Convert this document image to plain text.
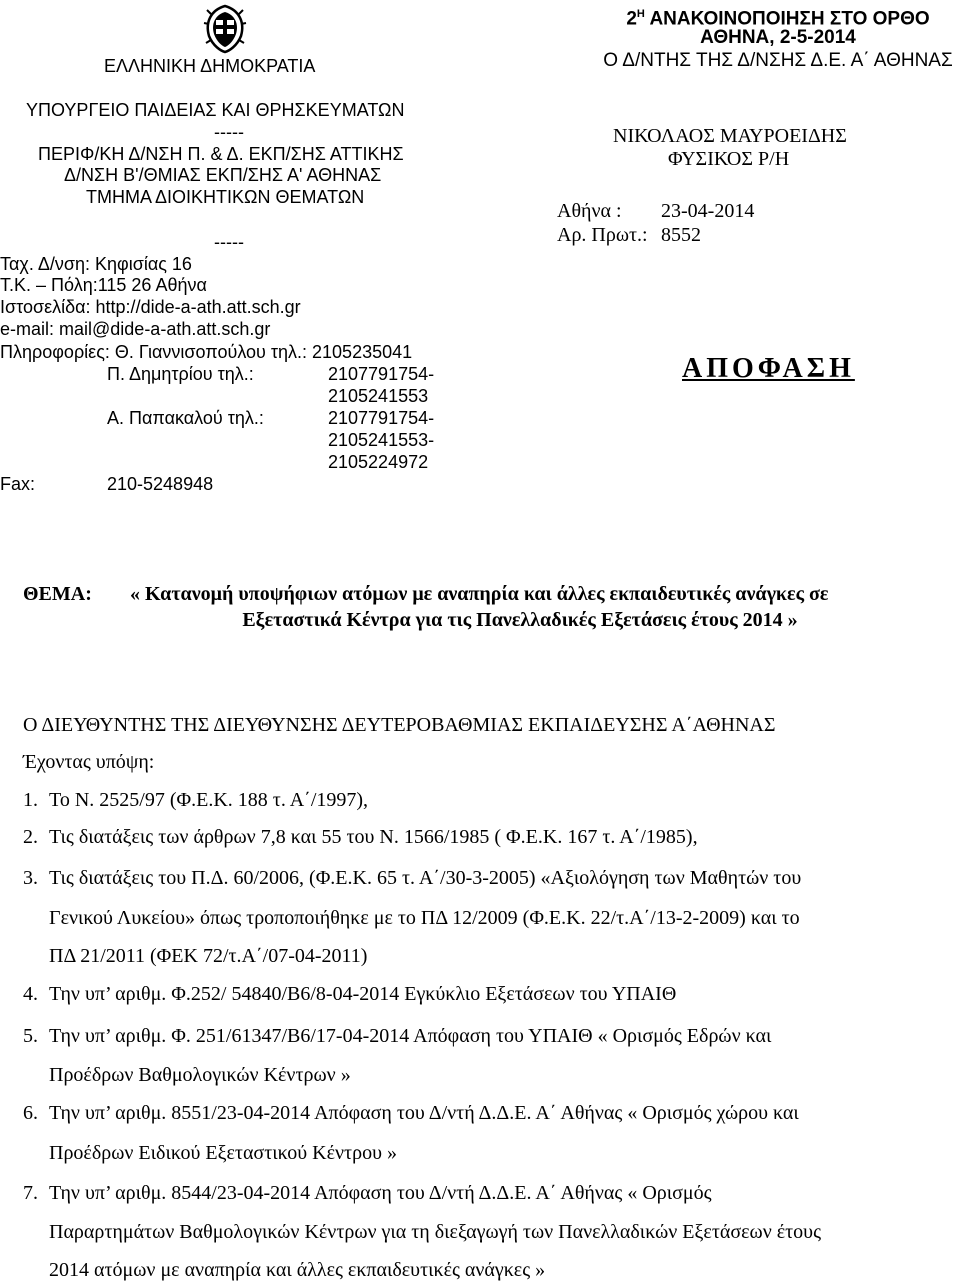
ΕΛΛΗΝΙΚΗ ΔΗΜΟΚΡΑΤΙΑ
ΥΠΟΥΡΓΕΙΟ ΠΑΙΔΕΙΑΣ ΚΑΙ ΘΡΗΣΚΕΥΜΑΤΩΝ
-----
ΠΕΡΙΦ/ΚΗ Δ/ΝΣΗ Π. & Δ. ΕΚΠ/ΣΗΣ ΑΤΤΙΚΗΣ
Δ/ΝΣΗ Β'/ΘΜΙΑΣ ΕΚΠ/ΣΗΣ Α' ΑΘΗΝΑΣ
ΤΜΗΜΑ ΔΙΟΙΚΗΤΙΚΩΝ ΘΕΜΑΤΩΝ
-----
Ταχ. Δ/νση: Κηφισίας 16
Τ.Κ. – Πόλη:115 26 Αθήνα
Ιστοσελίδα: http://dide-a-ath.att.sch.gr
e-mail: mail@dide-a-ath.att.sch.gr
Πληροφορίες: Θ. Γιαννισοπούλου τηλ.: 2105235041
Π. Δημητρίου τηλ.:	2107791754-
2105241553
Α. Παπακαλού τηλ.:	2107791754-
2105241553-
2105224972
Fax:	210-5248948
$2^H$ ΑΝΑΚΟΙΝΟΠΟΙΗΣΗ ΣΤΟ ΟΡΘΟ
ΑΘΗΝΑ, 2-5-2014
Ο Δ/ΝΤΗΣ ΤΗΣ Δ/ΝΣΗΣ Δ.Ε. Α΄ ΑΘΗΝΑΣ
ΝΙΚΟΛΑΟΣ ΜΑΥΡΟΕΙΔΗΣ
ΦΥΣΙΚΟΣ Ρ/Η
Αθήνα : 23-04-2014
Αρ. Πρωτ.: 8552
ΑΠΟΦΑΣΗ
ΘΕΜΑ: « Κατανομή υποψήφιων ατόμων με αναπηρία και άλλες εκπαιδευτικές ανάγκες σε
Εξεταστικά Κέντρα για τις Πανελλαδικές Εξετάσεις έτους 2014 »
Ο ΔΙΕΥΘΥΝΤΗΣ ΤΗΣ ΔΙΕΥΘΥΝΣΗΣ ΔΕΥΤΕΡΟΒΑΘΜΙΑΣ ΕΚΠΑΙΔΕΥΣΗΣ Α΄ΑΘΗΝΑΣ
Έχοντας υπόψη:
1. Το Ν. 2525/97 (Φ.Ε.Κ. 188 τ. Α΄/1997),
2. Τις διατάξεις των άρθρων 7,8 και 55 του Ν. 1566/1985 ( Φ.Ε.Κ. 167 τ. Α΄/1985),
3. Τις διατάξεις του Π.Δ. 60/2006, (Φ.Ε.Κ. 65 τ. Α΄/30-3-2005) «Αξιολόγηση των Μαθητών του
Γενικού Λυκείου» όπως τροποποιήθηκε με το ΠΔ 12/2009 (Φ.Ε.Κ. 22/τ.Α΄/13-2-2009) και το
ΠΔ 21/2011 (ΦΕΚ 72/τ.Α΄/07-04-2011)
4. Την υπ’ αριθμ. Φ.252/ 54840/Β6/8-04-2014 Εγκύκλιο Εξετάσεων του ΥΠΑΙΘ
5. Την υπ’ αριθμ. Φ. 251/61347/Β6/17-04-2014 Απόφαση του ΥΠΑΙΘ « Ορισμός Εδρών και
Προέδρων Βαθμολογικών Κέντρων »
6. Την υπ’ αριθμ. 8551/23-04-2014 Απόφαση του Δ/ντή Δ.Δ.Ε. Α΄ Αθήνας « Ορισμός χώρου και
Προέδρων Ειδικού Εξεταστικού Κέντρου »
7. Την υπ’ αριθμ. 8544/23-04-2014 Απόφαση του Δ/ντή Δ.Δ.Ε. Α΄ Αθήνας « Ορισμός
Παραρτημάτων Βαθμολογικών Κέντρων για τη διεξαγωγή των Πανελλαδικών Εξετάσεων έτους
2014 ατόμων με αναπηρία και άλλες εκπαιδευτικές ανάγκες »
